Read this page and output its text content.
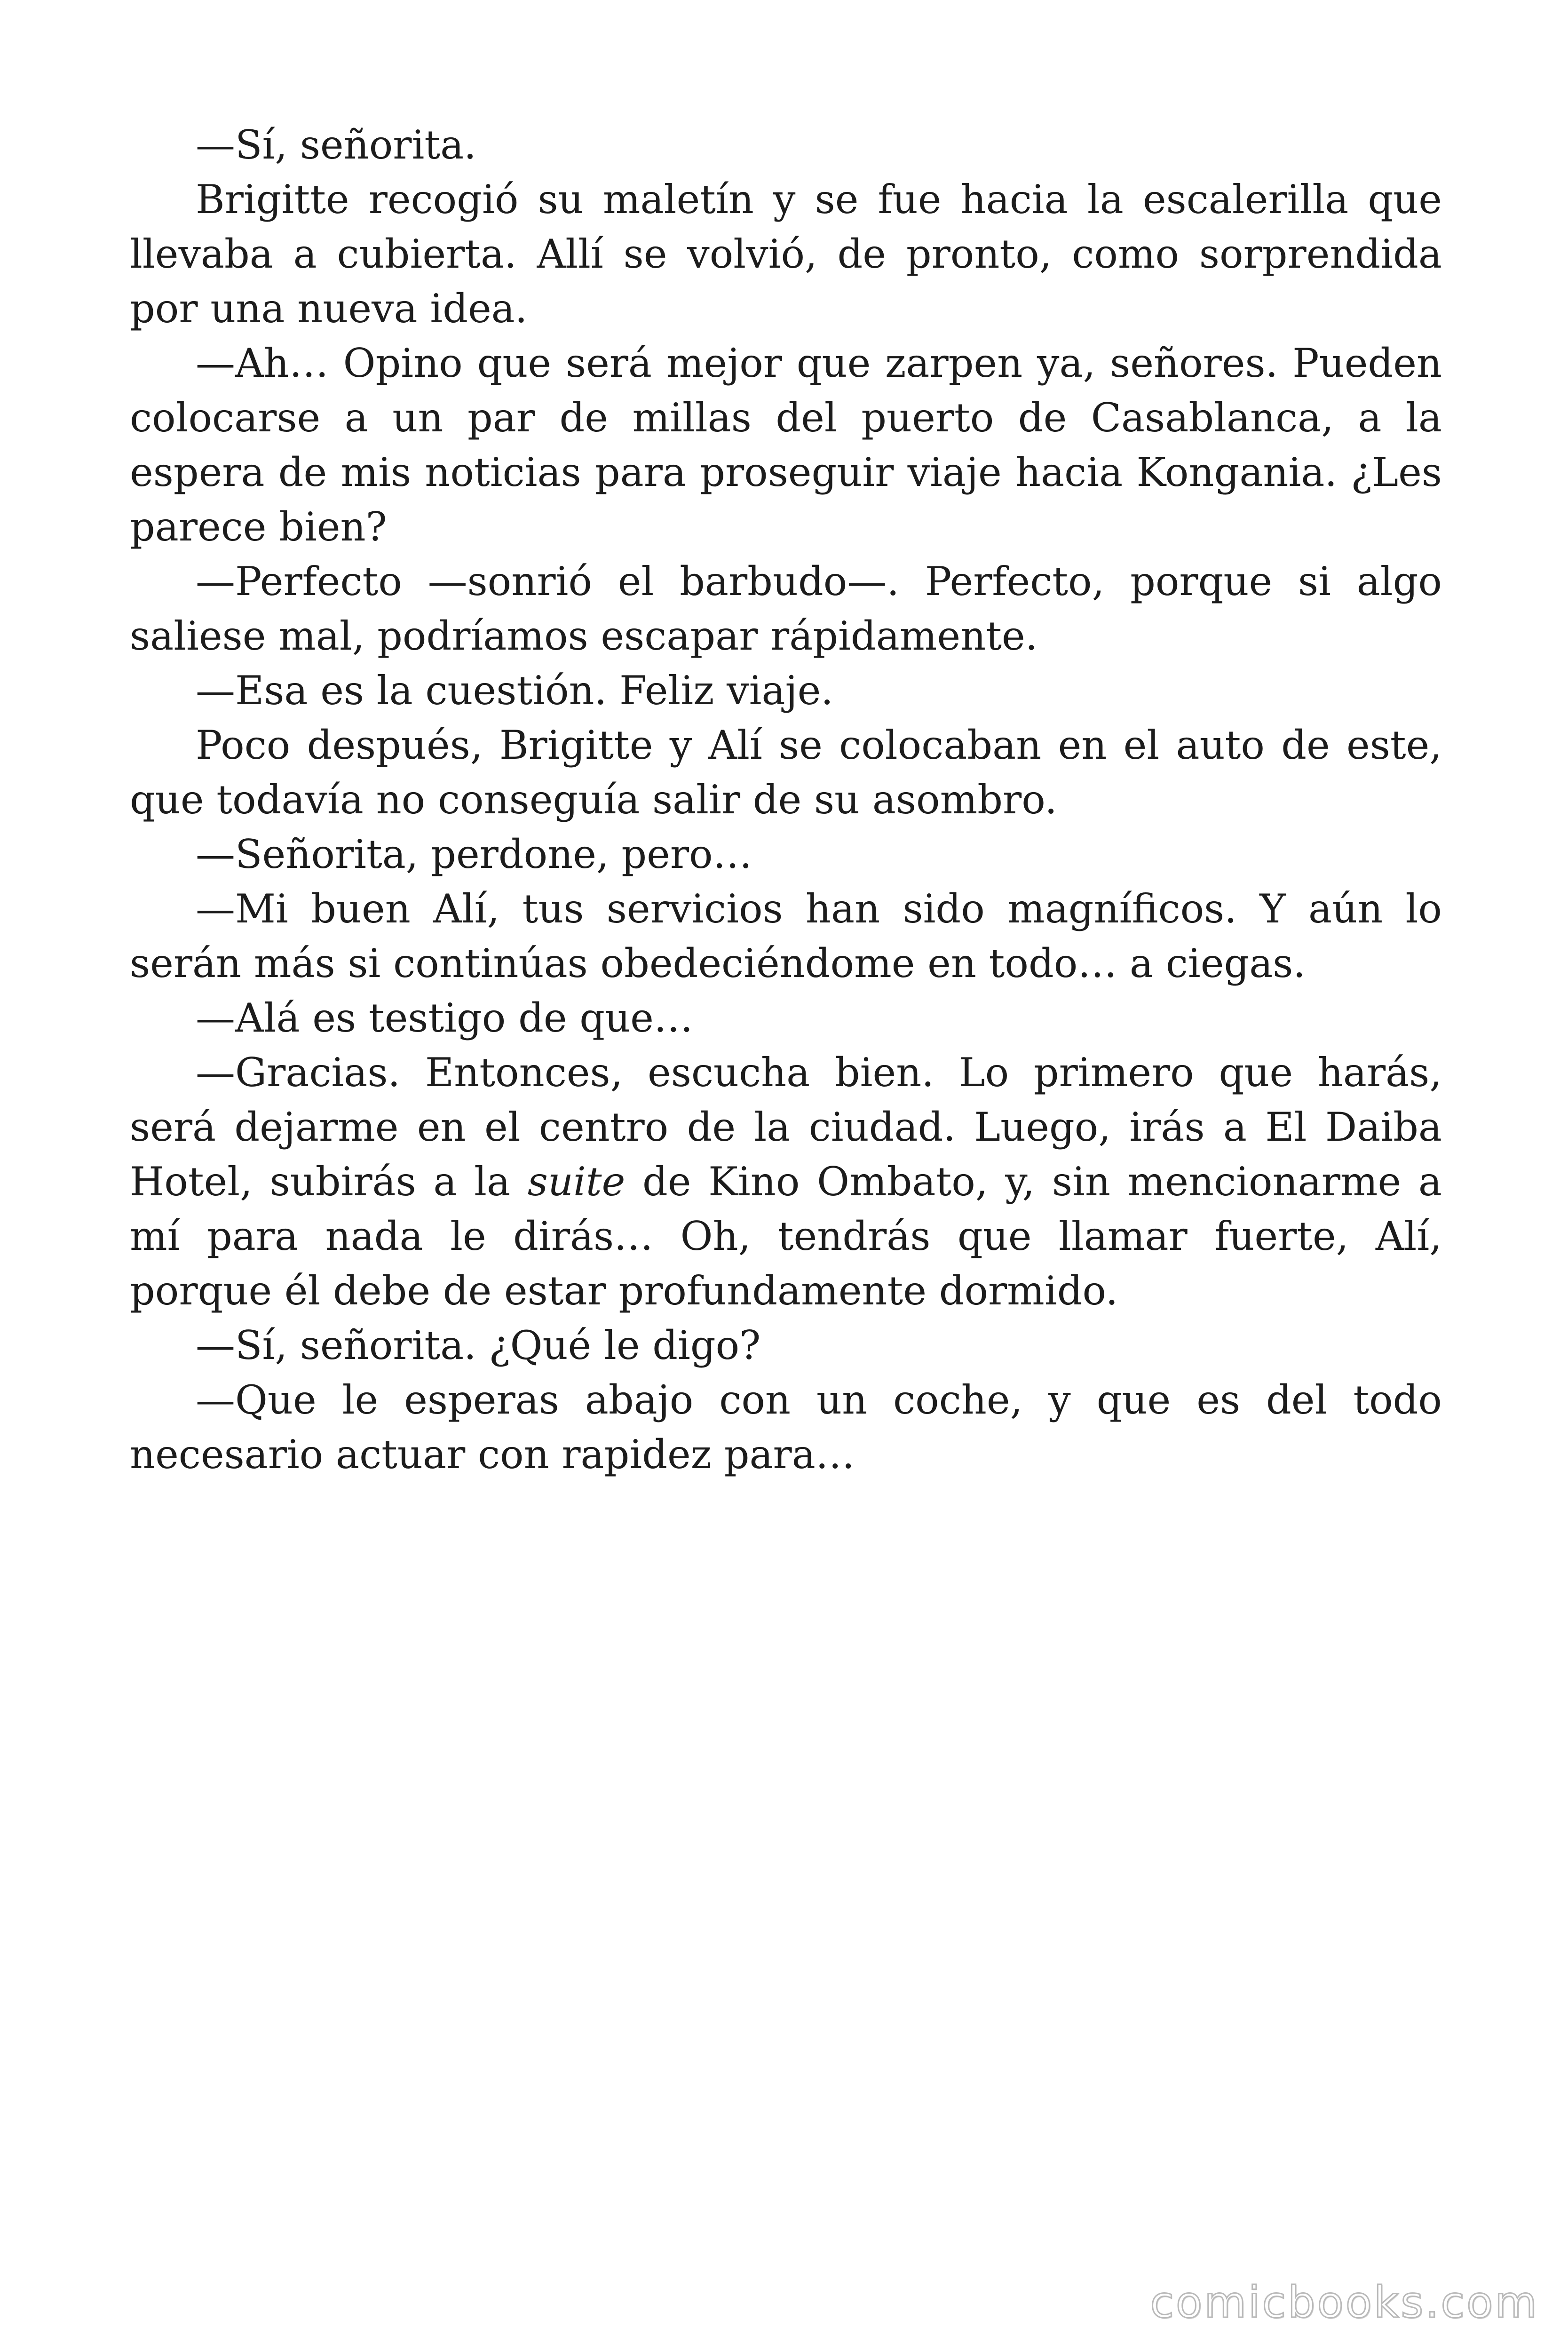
—Sí, señorita.

Brigitte recogió su maletín y se fue hacia la escalerilla que llevaba a cubierta. Allí se volvió, de pronto, como sorprendida por una nueva idea.

—Ah… Opino que será mejor que zarpen ya, señores. Pueden colocarse a un par de millas del puerto de Casablanca, a la espera de mis noticias para proseguir viaje hacia Kongania. ¿Les parece bien?

—Perfecto —sonrió el barbudo—. Perfecto, porque si algo saliese mal, podríamos escapar rápidamente.

—Esa es la cuestión. Feliz viaje.

Poco después, Brigitte y Alí se colocaban en el auto de este, que todavía no conseguía salir de su asombro.

—Señorita, perdone, pero…

—Mi buen Alí, tus servicios han sido magníficos. Y aún lo serán más si continúas obedeciéndome en todo… a ciegas.

—Alá es testigo de que…

—Gracias. Entonces, escucha bien. Lo primero que harás, será dejarme en el centro de la ciudad. Luego, irás a El Daiba Hotel, subirás a la suite de Kino Ombato, y, sin mencionarme a mí para nada le dirás… Oh, tendrás que llamar fuerte, Alí, porque él debe de estar profundamente dormido.

—Sí, señorita. ¿Qué le digo?

—Que le esperas abajo con un coche, y que es del todo necesario actuar con rapidez para…

comicbooks.com
